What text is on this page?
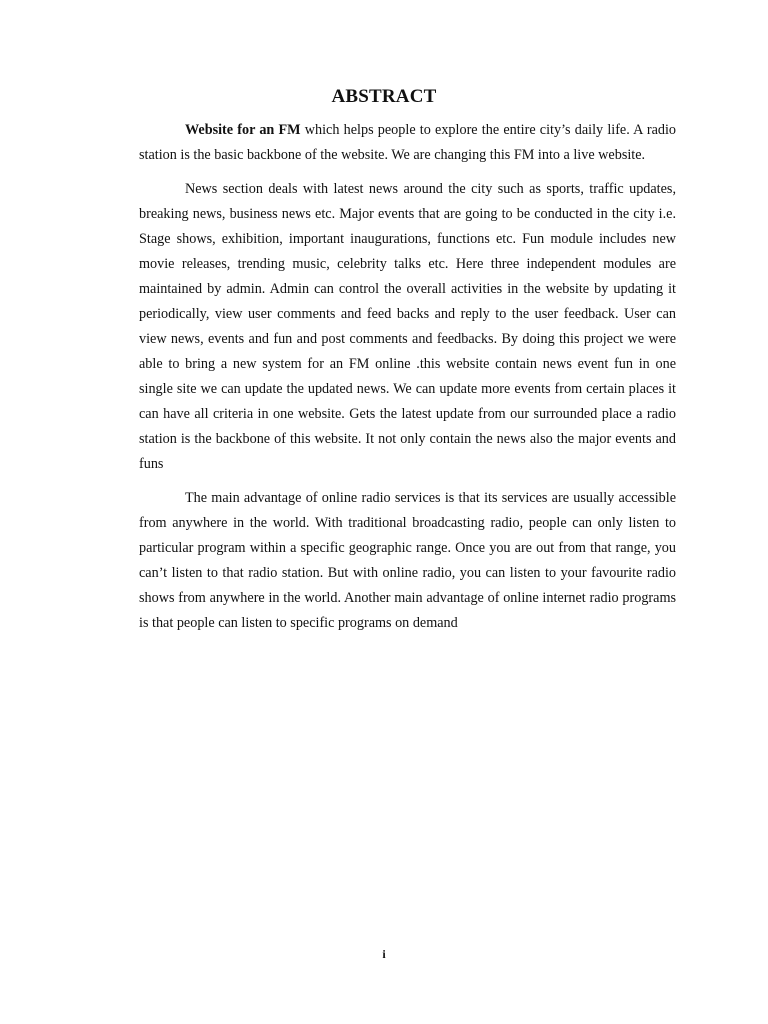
ABSTRACT

Website for an FM which helps people to explore the entire city’s daily life. A radio station is the basic backbone of the website. We are changing this FM into a live website.

News section deals with latest news around the city such as sports, traffic updates, breaking news, business news etc. Major events that are going to be conducted in the city i.e. Stage shows, exhibition, important inaugurations, functions etc. Fun module includes new movie releases, trending music, celebrity talks etc. Here three independent modules are maintained by admin. Admin can control the overall activities in the website by updating it periodically, view user comments and feed backs and reply to the user feedback. User can view news, events and fun and post comments and feedbacks. By doing this project we were able to bring a new system for an FM online .this website contain news event fun in one single site we can update the updated news. We can update more events from certain places it can have all criteria in one website. Gets the latest update from our surrounded place a radio station is the backbone of this website. It not only contain the news also the major events and funs

The main advantage of online radio services is that its services are usually accessible from anywhere in the world. With traditional broadcasting radio, people can only listen to particular program within a specific geographic range. Once you are out from that range, you can’t listen to that radio station. But with online radio, you can listen to your favourite radio shows from anywhere in the world. Another main advantage of online internet radio programs is that people can listen to specific programs on demand

i
